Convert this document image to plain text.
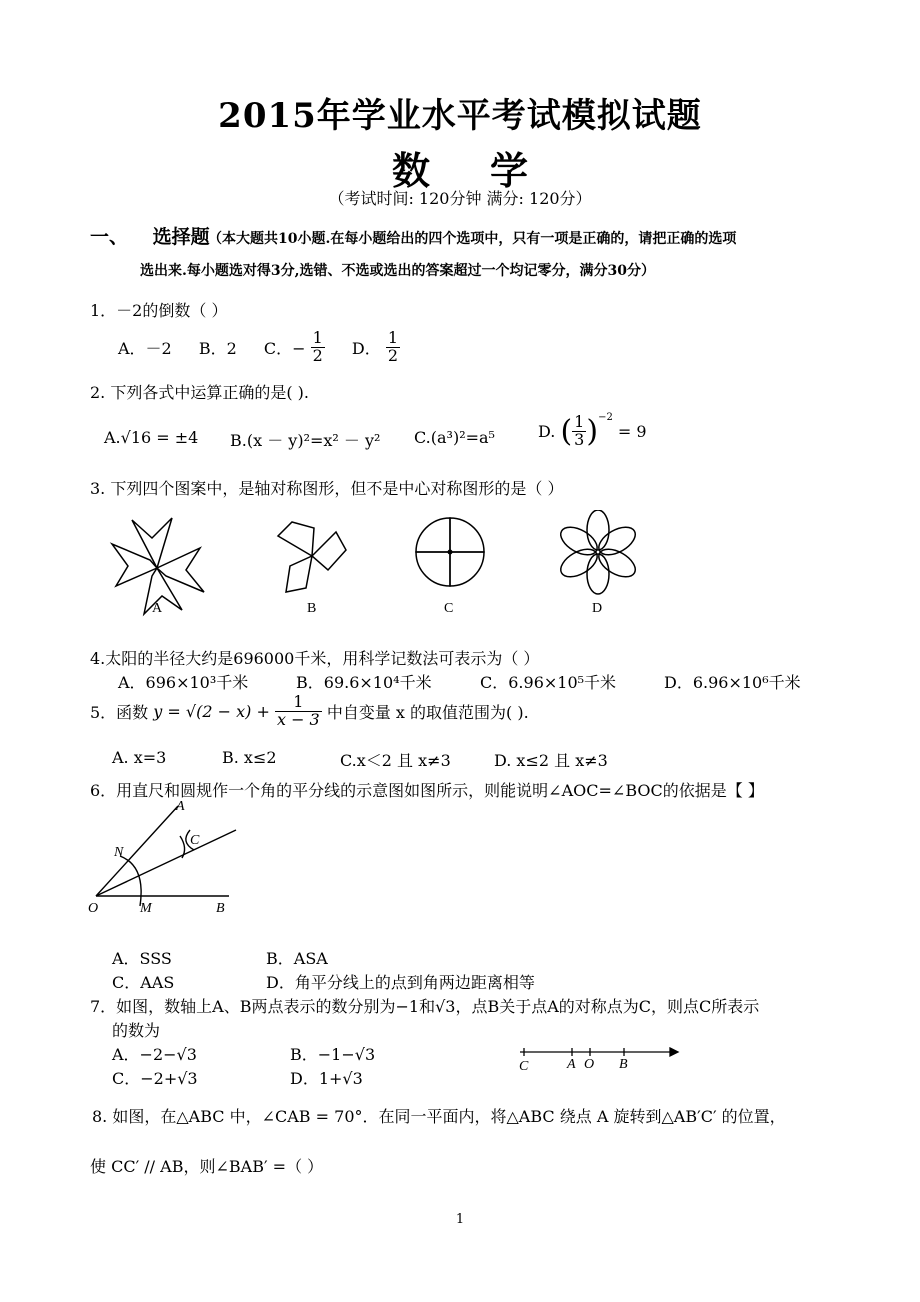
2015年学业水平考试模拟试题
数学
（考试时间: 120分钟 满分: 120分）
一、 选择题
（本大题共10小题.在每小题给出的四个选项中，只有一项是正确的，请把正确的选项
选出来.每小题选对得3分,选错、不选或选出的答案超过一个均记零分，满分30分）
1．－2的倒数（ ）
A．－2 B．2 C．− $\frac{1}{2}$ D． $\frac{1}{2}$
2. 下列各式中运算正确的是( ).
A.√16 = ±4 B.(x － y)²=x² － y² C.(a³)²=a⁵	D. ( $\frac{1}{3} )^{-2} = 9$
3. 下列四个图案中，是轴对称图形，但不是中心对称图形的是（ ）
A	B	C	D
4.太阳的半径大约是696000千米，用科学记数法可表示为（ ）
A．696×10³千米	B．69.6×10⁴千米	C．6.96×10⁵千米	D．6.96×10⁶千米
5．函数 $y = √(2 - x) + \frac{1}{x - 3}$ 中自变量 x 的取值范围为( ).
A. x=3	B. x≤2	C.x＜2 且 x≠3	D. x≤2 且 x≠3
6．用直尺和圆规作一个角的平分线的示意图如图所示，则能说明∠AOC=∠BOC的依据是【 】
A
C
N
O	M	B
A．SSS	B．ASA
C．AAS	D．角平分线上的点到角两边距离相等
7．如图，数轴上A、B两点表示的数分别为−1和√3，点B关于点A的对称点为C，则点C所表示
的数为
A．−2−√3	B．−1−√3
C．−2+√3	D．1+√3
C	A O B
8. 如图，在△ABC 中，∠CAB = 70°．在同一平面内，将△ABC 绕点 A 旋转到△AB′C′ 的位置，
使 CC′ // AB，则∠BAB′ =（ ）
1
